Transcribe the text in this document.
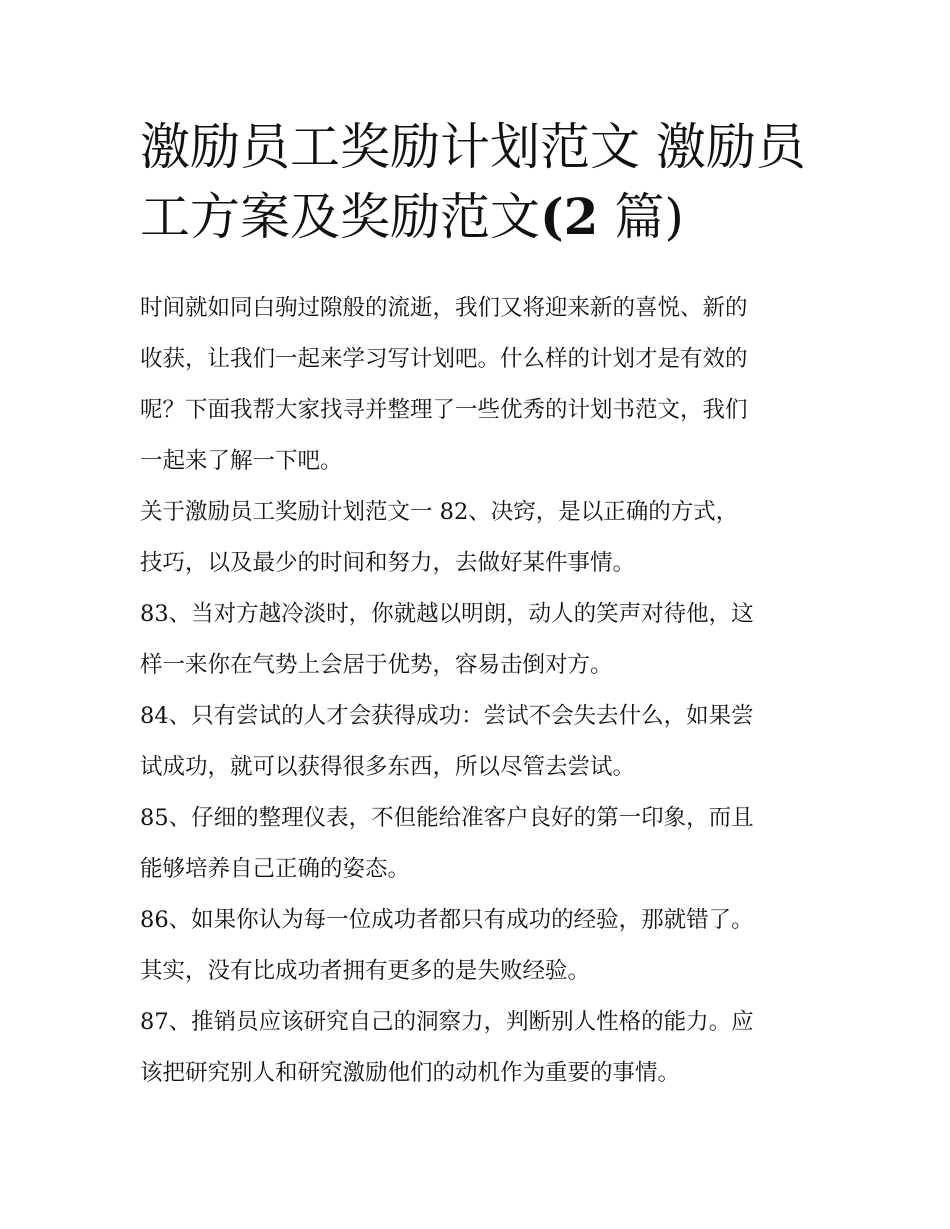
激励员工奖励计划范文 激励员
工方案及奖励范文(2 篇)

时间就如同白驹过隙般的流逝，我们又将迎来新的喜悦、新的
收获，让我们一起来学习写计划吧。什么样的计划才是有效的
呢？下面我帮大家找寻并整理了一些优秀的计划书范文，我们
一起来了解一下吧。

关于激励员工奖励计划范文一 82、决窍，是以正确的方式，
技巧，以及最少的时间和努力，去做好某件事情。

83、当对方越冷淡时，你就越以明朗，动人的笑声对待他，这
样一来你在气势上会居于优势，容易击倒对方。

84、只有尝试的人才会获得成功：尝试不会失去什么，如果尝
试成功，就可以获得很多东西，所以尽管去尝试。

85、仔细的整理仪表，不但能给准客户良好的第一印象，而且
能够培养自己正确的姿态。

86、如果你认为每一位成功者都只有成功的经验，那就错了。
其实，没有比成功者拥有更多的是失败经验。

87、推销员应该研究自己的洞察力，判断别人性格的能力。应
该把研究别人和研究激励他们的动机作为重要的事情。
